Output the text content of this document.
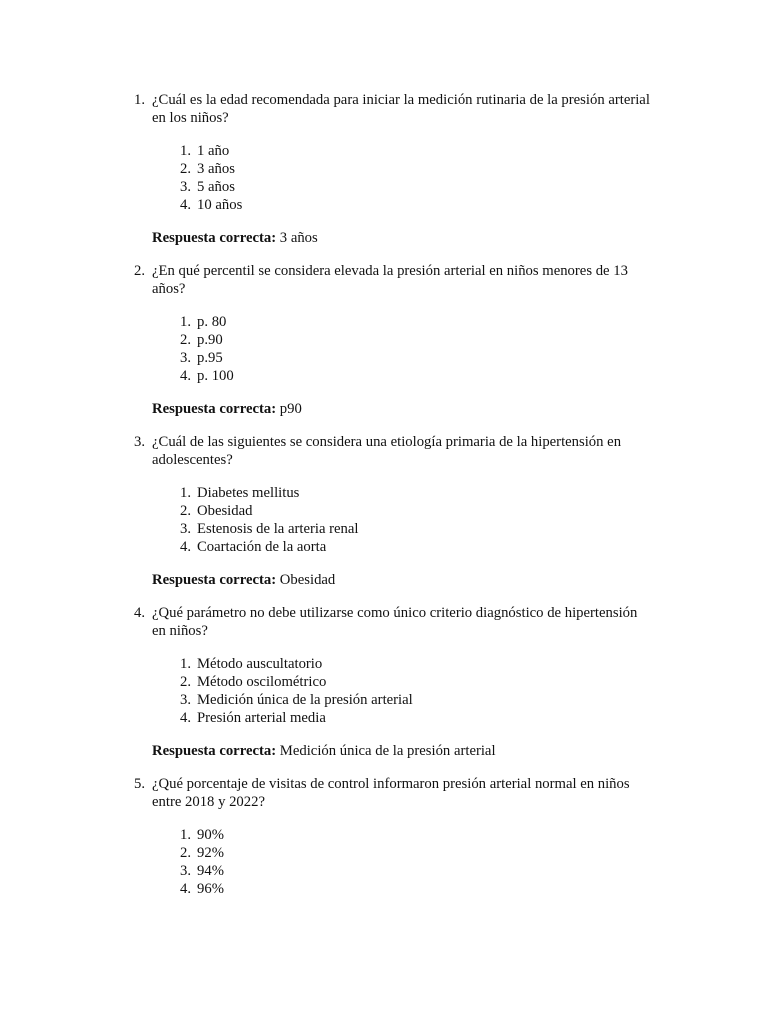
1. ¿Cuál es la edad recomendada para iniciar la medición rutinaria de la presión arterial en los niños?

1. 1 año
2. 3 años
3. 5 años
4. 10 años
Respuesta correcta: 3 años
2. ¿En qué percentil se considera elevada la presión arterial en niños menores de 13 años?

1. p. 80
2. p.90
3. p.95
4. p. 100
Respuesta correcta: p90
3. ¿Cuál de las siguientes se considera una etiología primaria de la hipertensión en adolescentes?

1. Diabetes mellitus
2. Obesidad
3. Estenosis de la arteria renal
4. Coartación de la aorta
Respuesta correcta: Obesidad
4. ¿Qué parámetro no debe utilizarse como único criterio diagnóstico de hipertensión en niños?

1. Método auscultatorio
2. Método oscilométrico
3. Medición única de la presión arterial
4. Presión arterial media
Respuesta correcta: Medición única de la presión arterial
5. ¿Qué porcentaje de visitas de control informaron presión arterial normal en niños entre 2018 y 2022?

1. 90%
2. 92%
3. 94%
4. 96%
